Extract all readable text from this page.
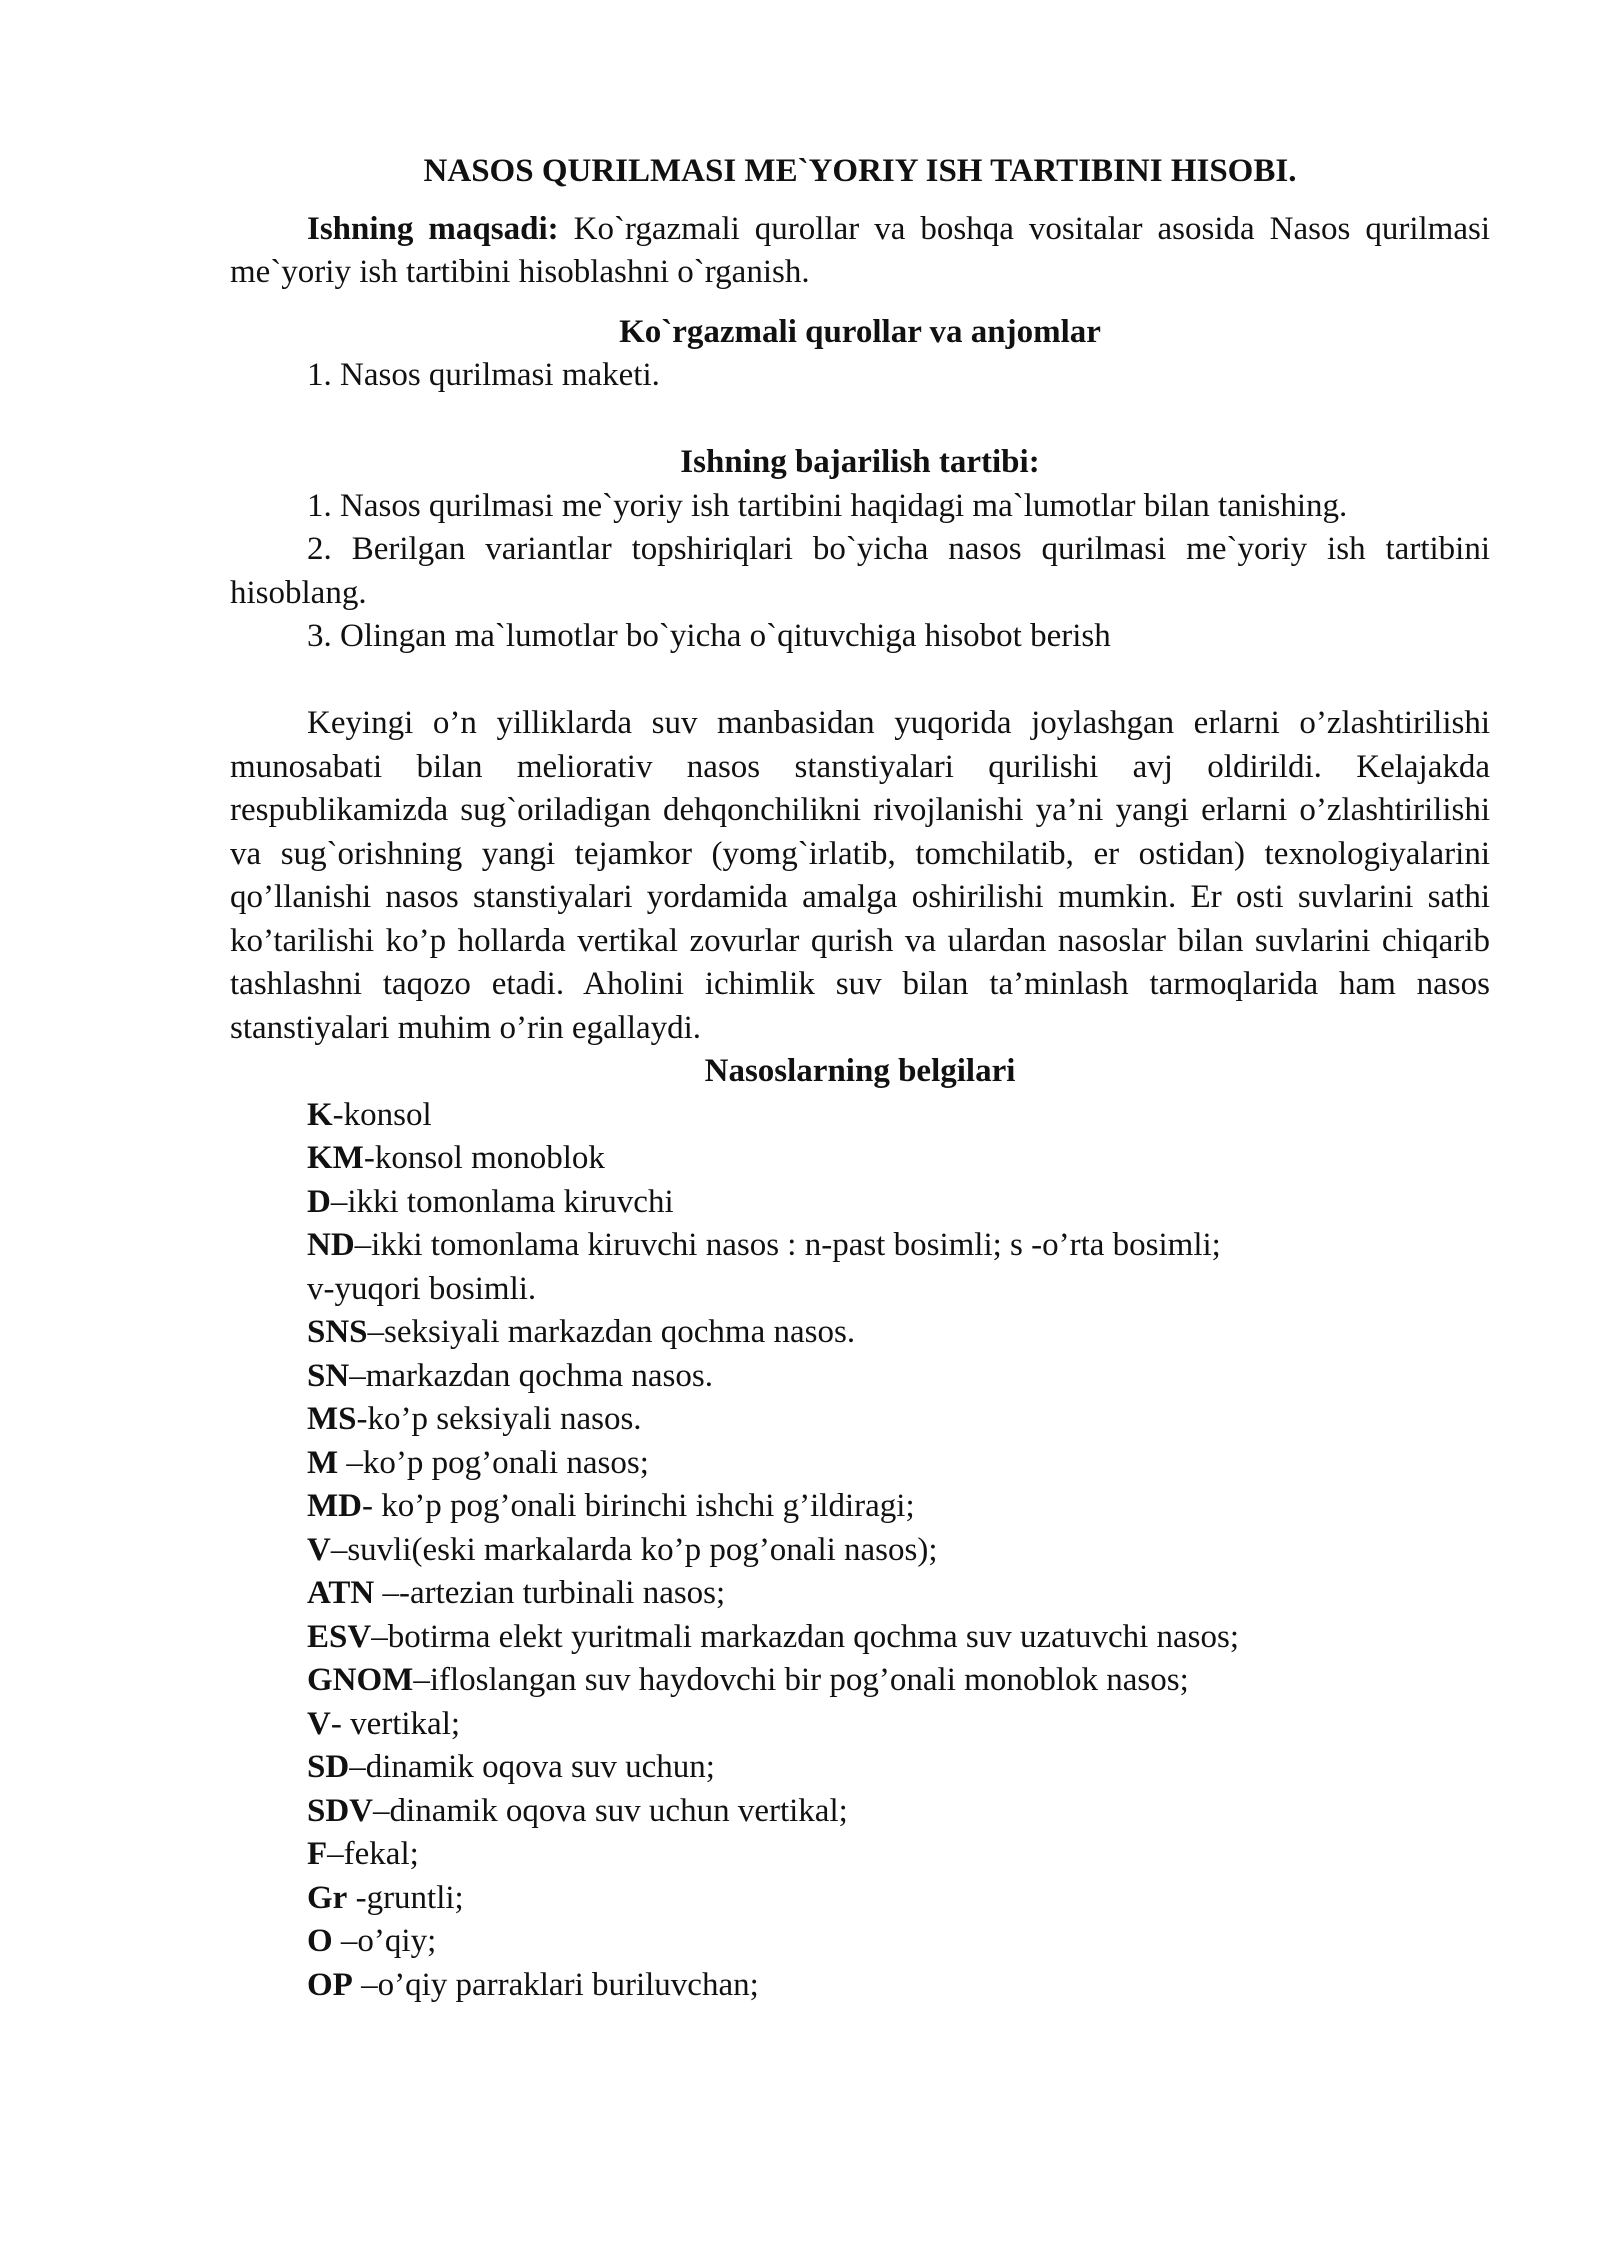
NASOS QURILMASI ME`YORIY ISH TARTIBINI HISOBI.

Ishning maqsadi: Ko`rgazmali qurollar va boshqa vositalar asosida Nasos qurilmasi me`yoriy ish tartibini hisoblashni o`rganish.

Ko`rgazmali qurollar va anjomlar

1. Nasos qurilmasi maketi.

Ishning bajarilish tartibi:

1. Nasos qurilmasi me`yoriy ish tartibini haqidagi ma`lumotlar bilan tanishing.

2. Berilgan variantlar topshiriqlari bo`yicha nasos qurilmasi me`yoriy ish tartibini hisoblang.

3. Olingan ma`lumotlar bo`yicha o`qituvchiga hisobot berish

Keyingi o’n yilliklarda suv manbasidan yuqorida joylashgan erlarni o’zlashtirilishi munosabati bilan meliorativ nasos stanstiyalari qurilishi avj oldirildi. Kelajakda respublikamizda sug`oriladigan dehqonchilikni rivojlanishi ya’ni yangi erlarni o’zlashtirilishi va sug`orishning yangi tejamkor (yomg`irlatib, tomchilatib, er ostidan) texnologiyalarini qo’llanishi nasos stanstiyalari yordamida amalga oshirilishi mumkin. Er osti suvlarini sathi ko’tarilishi ko’p hollarda vertikal zovurlar qurish va ulardan nasoslar bilan suvlarini chiqarib tashlashni taqozo etadi. Aholini ichimlik suv bilan ta’minlash tarmoqlarida ham nasos stanstiyalari muhim o’rin egallaydi.

Nasoslarning belgilari

K-konsol

KM-konsol monoblok

D–ikki tomonlama kiruvchi

ND–ikki tomonlama kiruvchi nasos : n-past bosimli; s -o’rta bosimli;

v-yuqori bosimli.

SNS–seksiyali markazdan qochma nasos.

SN–markazdan qochma nasos.

MS-ko’p seksiyali nasos.

M –ko’p pog’onali nasos;

MD- ko’p pog’onali birinchi ishchi g’ildiragi;

V–suvli(eski markalarda ko’p pog’onali nasos);

ATN –-artezian turbinali nasos;

ESV–botirma elekt yuritmali markazdan qochma suv uzatuvchi nasos;

GNOM–ifloslangan suv haydovchi bir pog’onali monoblok nasos;

V- vertikal;

SD–dinamik oqova suv uchun;

SDV–dinamik oqova suv uchun vertikal;

F–fekal;

Gr -gruntli;

O –o’qiy;

OP –o’qiy parraklari buriluvchan;
